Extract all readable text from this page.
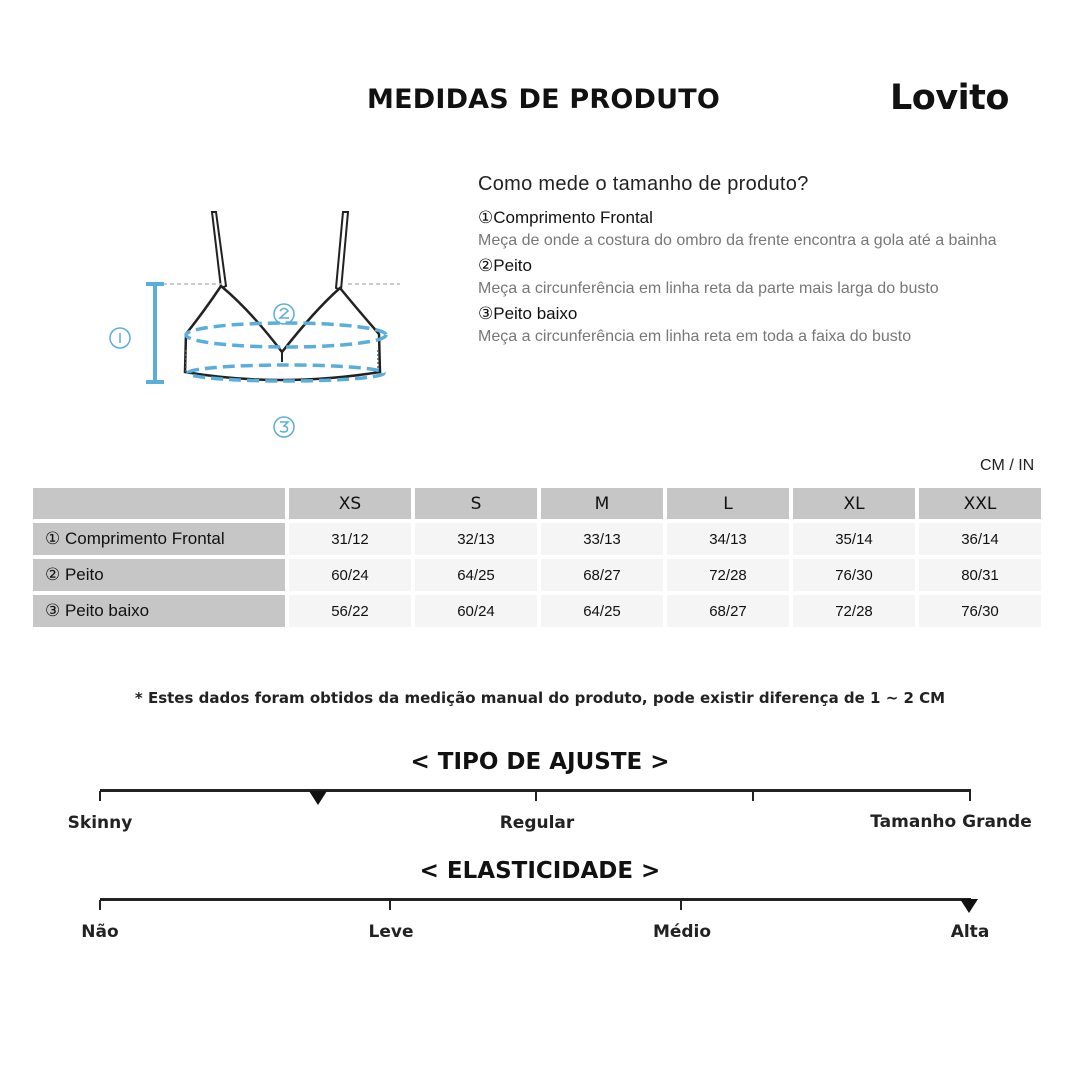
MEDIDAS DE PRODUTO	Lovito
Como mede o tamanho de produto?
①Comprimento Frontal
Meça de onde a costura do ombro da frente encontra a gola até a bainha
②Peito
Meça a circunferência em linha reta da parte mais larga do busto
③Peito baixo
Meça a circunferência em linha reta em toda a faixa do busto
CM / IN
	XS	S	M	L	XL	XXL
① Comprimento Frontal	31/12	32/13	33/13	34/13	35/14	36/14
② Peito	60/24	64/25	68/27	72/28	76/30	80/31
③ Peito baixo	56/22	60/24	64/25	68/27	72/28	76/30
* Estes dados foram obtidos da medição manual do produto, pode existir diferença de 1 ~ 2 CM
< TIPO DE AJUSTE >
Skinny	Regular	Tamanho Grande
< ELASTICIDADE >
Não	Leve	Médio	Alta
